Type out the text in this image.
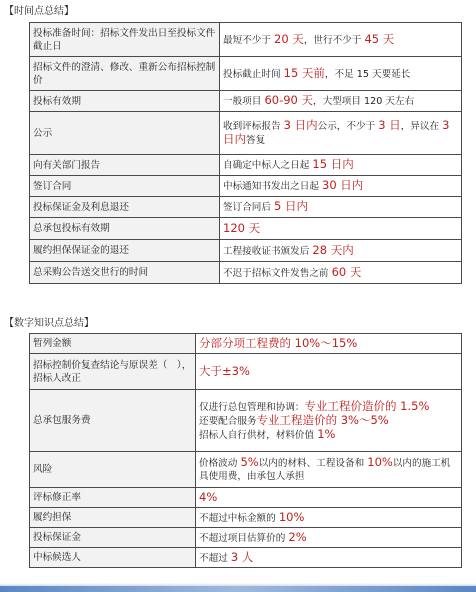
【时间点总结】
投标准备时间：招标文件发出日至投标文件截止日	最短不少于 20 天，世行不少于 45 天
招标文件的澄清、修改、重新公布招标控制价	投标截止时间 15 天前，不足 15 天要延长
投标有效期	一般项目 60-90 天，大型项目 120 天左右
公示	收到评标报告 3 日内公示，不少于 3 日，异议在 3 日内答复
向有关部门报告	自确定中标人之日起 15 日内
签订合同	中标通知书发出之日起 30 日内
投标保证金及利息退还	签订合同后 5 日内
总承包投标有效期	120 天
履约担保保证金的退还	工程接收证书颁发后 28 天内
总采购公告送交世行的时间	不迟于招标文件发售之前 60 天
【数字知识点总结】
暂列金额	分部分项工程费的 10%～15%
招标控制价复查结论与原误差（　），招标人改正	大于±3%
总承包服务费	仅进行总包管理和协调：专业工程价造价的 1.5%
还要配合服务专业工程造价的 3%～5%
招标人自行供材，材料价值 1%
风险	价格波动 5%以内的材料、工程设备和 10%以内的施工机具使用费，由承包人承担
评标修正率	4%
履约担保	不超过中标金额的 10%
投标保证金	不超过项目估算价的 2%
中标候选人	不超过 3 人
